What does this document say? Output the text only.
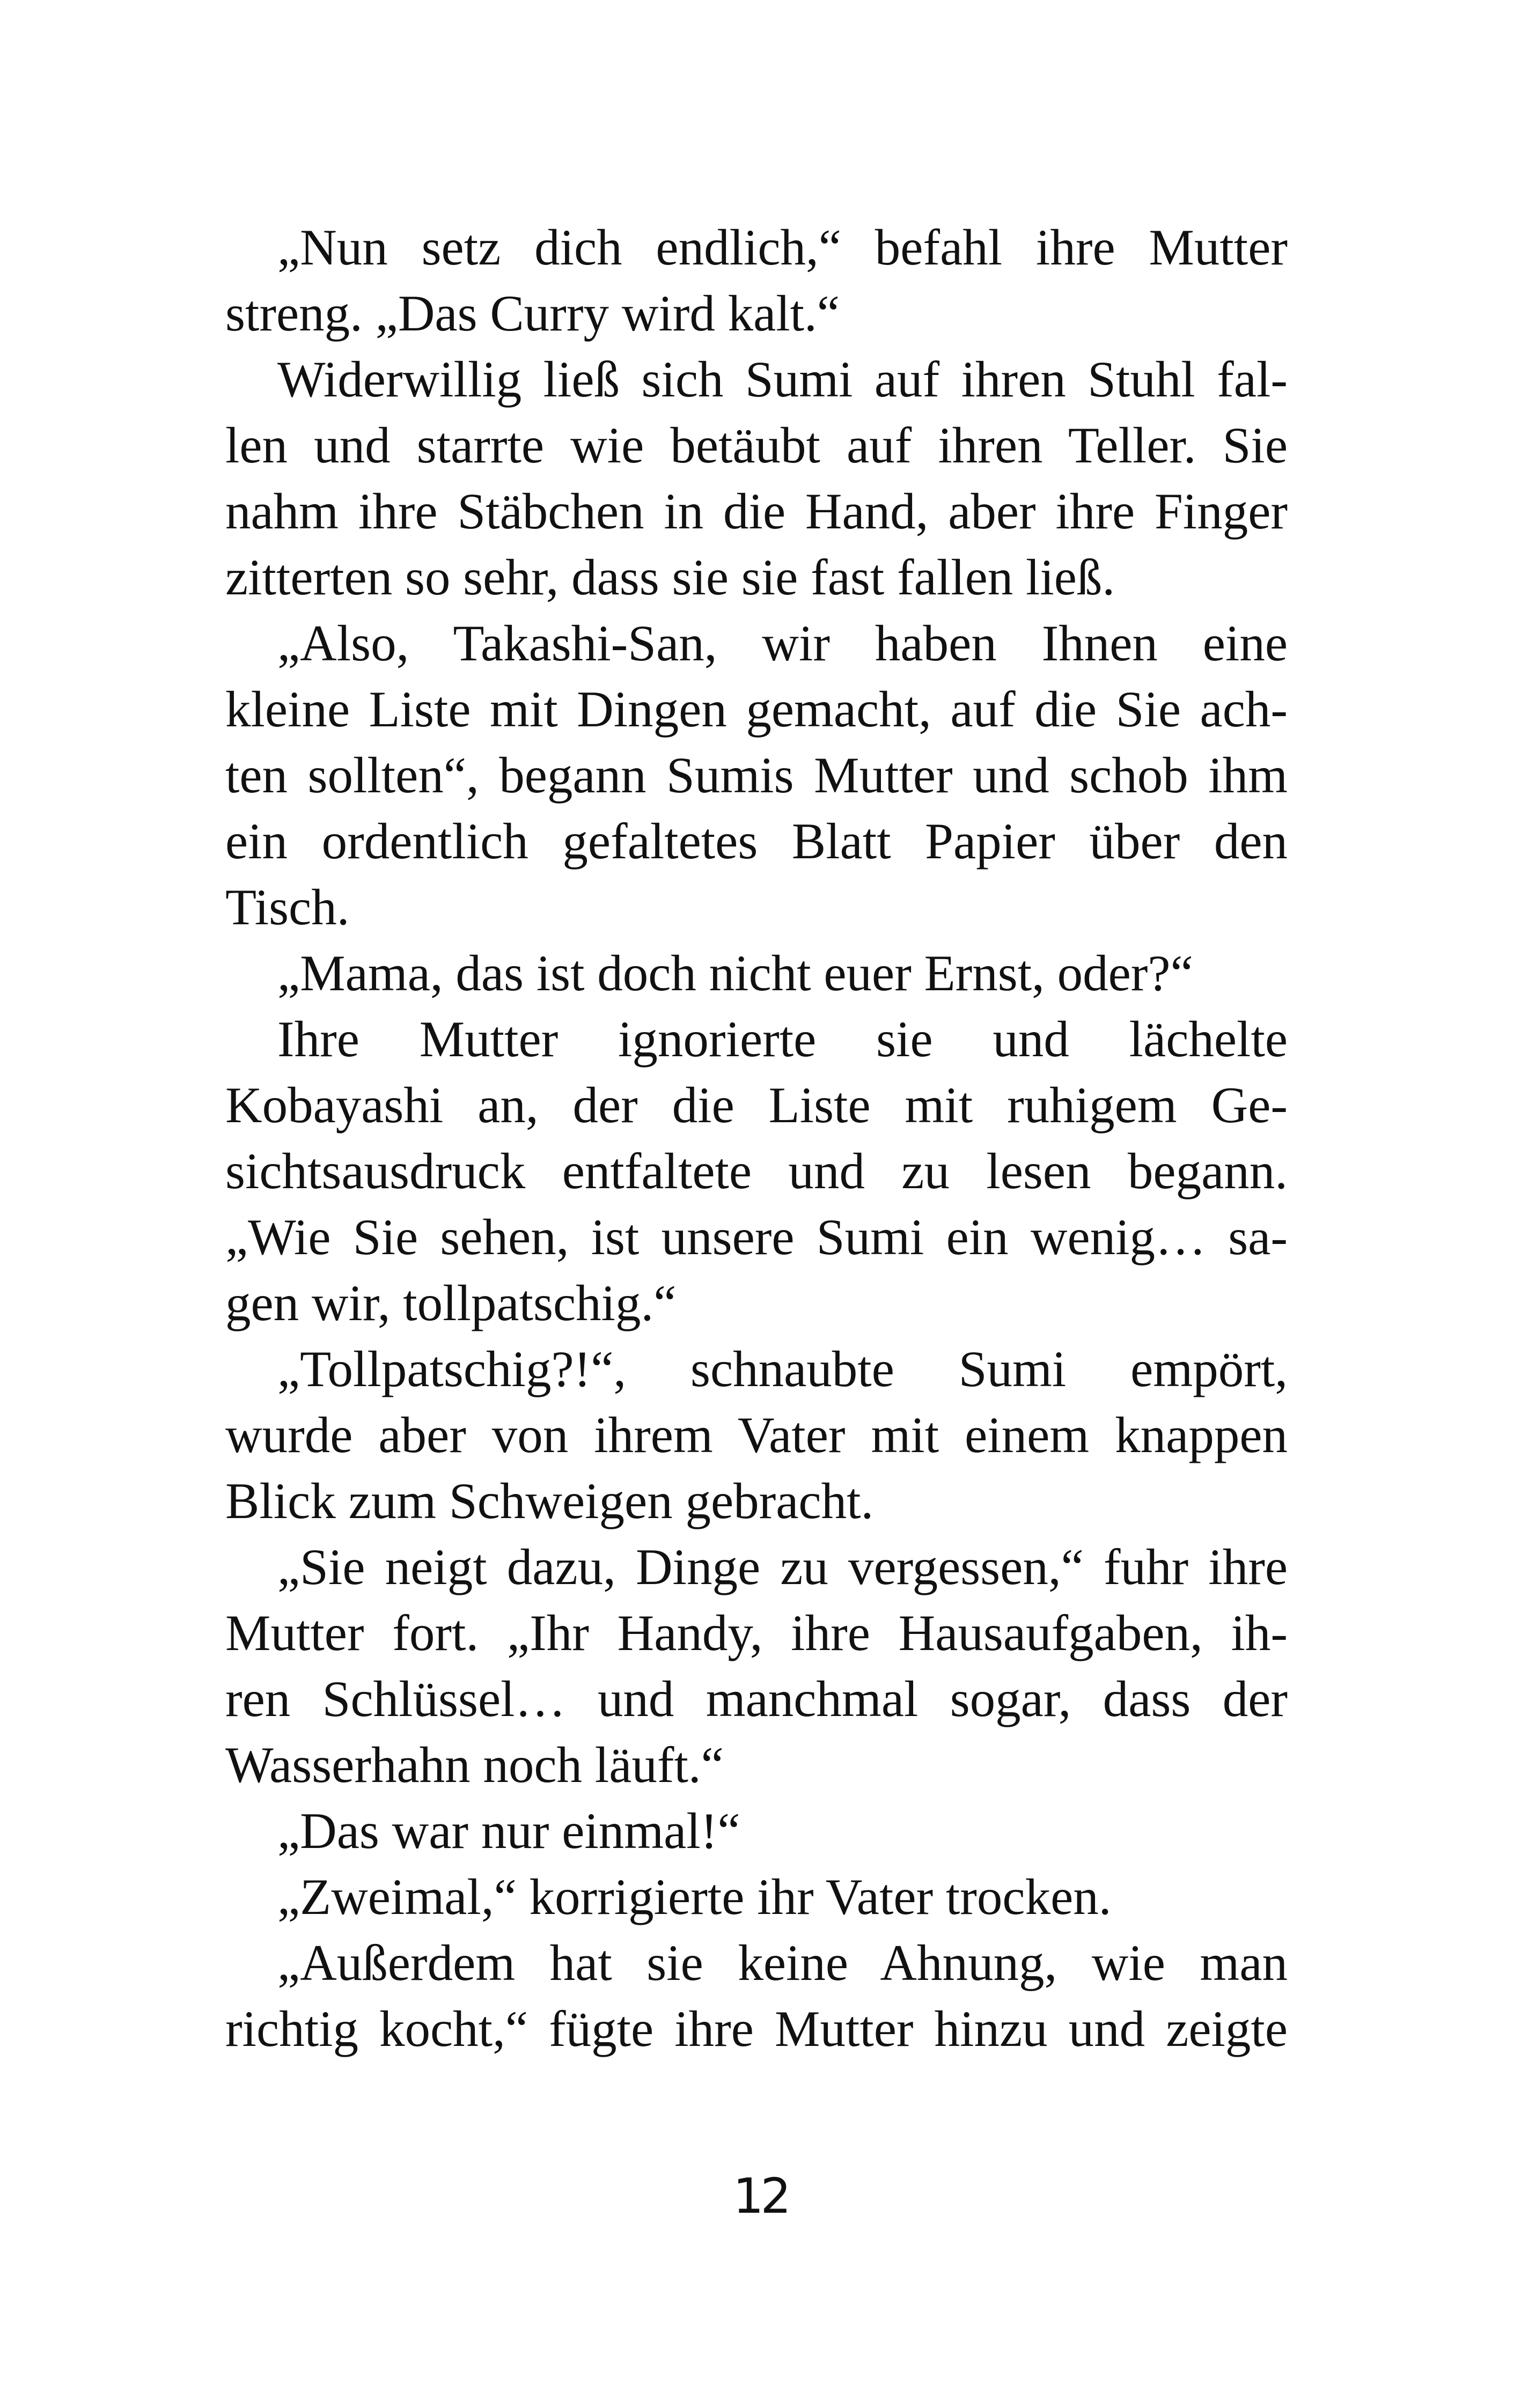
„Nun setz dich endlich,“ befahl ihre Mutter
streng. „Das Curry wird kalt.“
Widerwillig ließ sich Sumi auf ihren Stuhl fal-
len und starrte wie betäubt auf ihren Teller. Sie
nahm ihre Stäbchen in die Hand, aber ihre Finger
zitterten so sehr, dass sie sie fast fallen ließ.
„Also, Takashi-San, wir haben Ihnen eine
kleine Liste mit Dingen gemacht, auf die Sie ach-
ten sollten“, begann Sumis Mutter und schob ihm
ein ordentlich gefaltetes Blatt Papier über den
Tisch.
„Mama, das ist doch nicht euer Ernst, oder?“
Ihre Mutter ignorierte sie und lächelte
Kobayashi an, der die Liste mit ruhigem Ge-
sichtsausdruck entfaltete und zu lesen begann.
„Wie Sie sehen, ist unsere Sumi ein wenig… sa-
gen wir, tollpatschig.“
„Tollpatschig?!“, schnaubte Sumi empört,
wurde aber von ihrem Vater mit einem knappen
Blick zum Schweigen gebracht.
„Sie neigt dazu, Dinge zu vergessen,“ fuhr ihre
Mutter fort. „Ihr Handy, ihre Hausaufgaben, ih-
ren Schlüssel… und manchmal sogar, dass der
Wasserhahn noch läuft.“
„Das war nur einmal!“
„Zweimal,“ korrigierte ihr Vater trocken.
„Außerdem hat sie keine Ahnung, wie man
richtig kocht,“ fügte ihre Mutter hinzu und zeigte
12
